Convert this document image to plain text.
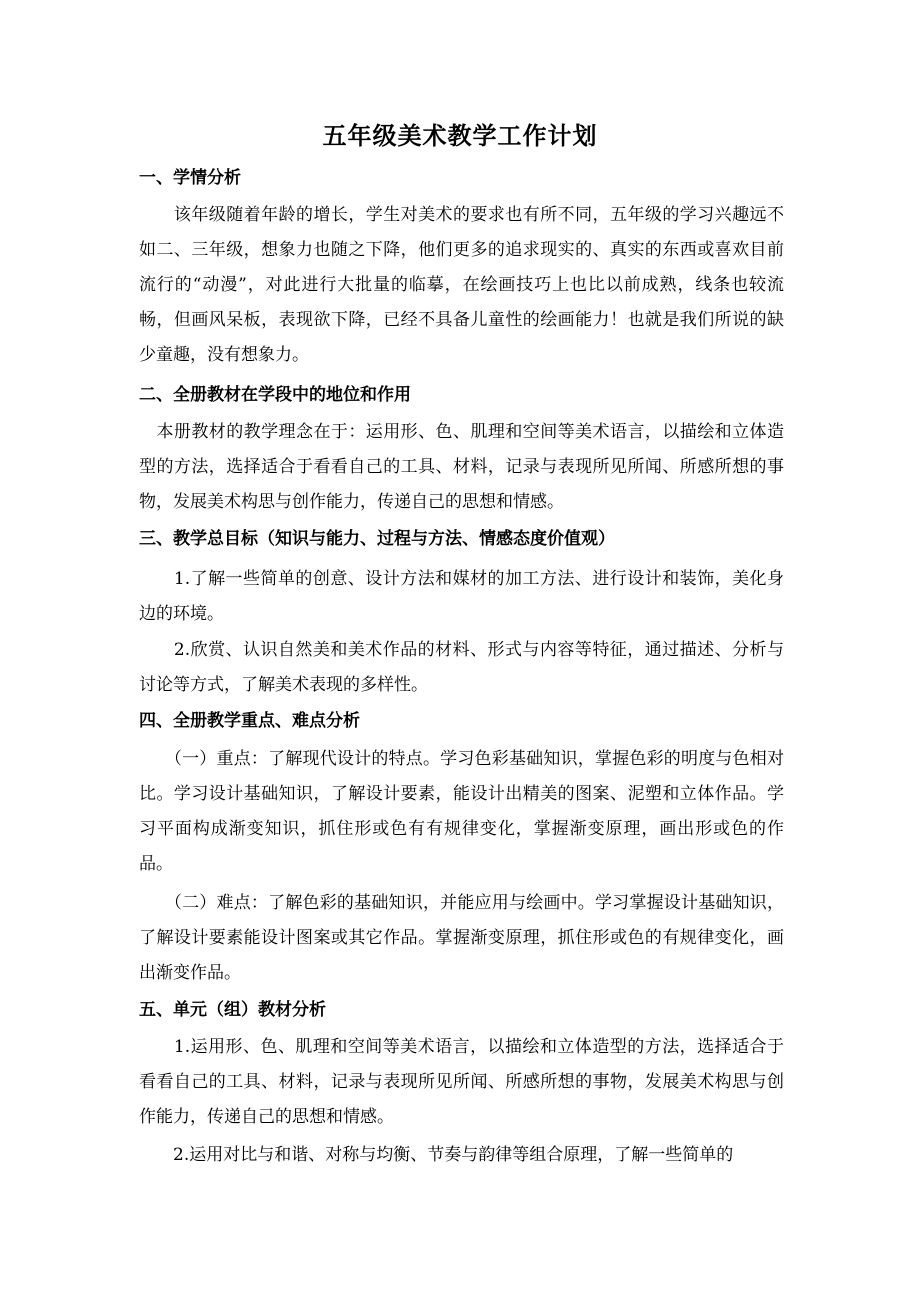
五年级美术教学工作计划
一、学情分析

　　该年级随着年龄的增长，学生对美术的要求也有所不同，五年级的学习兴趣远不如二、三年级，想象力也随之下降，他们更多的追求现实的、真实的东西或喜欢目前流行的“动漫”，对此进行大批量的临摹，在绘画技巧上也比以前成熟，线条也较流畅，但画风呆板，表现欲下降，已经不具备儿童性的绘画能力！也就是我们所说的缺少童趣，没有想象力。

二、全册教材在学段中的地位和作用

　本册教材的教学理念在于：运用形、色、肌理和空间等美术语言，以描绘和立体造型的方法，选择适合于看看自己的工具、材料，记录与表现所见所闻、所感所想的事物，发展美术构思与创作能力，传递自己的思想和情感。

三、教学总目标（知识与能力、过程与方法、情感态度价值观）

　　1.了解一些简单的创意、设计方法和媒材的加工方法、进行设计和装饰，美化身边的环境。

　　2.欣赏、认识自然美和美术作品的材料、形式与内容等特征，通过描述、分析与讨论等方式，了解美术表现的多样性。

四、全册教学重点、难点分析

　　（一）重点：了解现代设计的特点。学习色彩基础知识，掌握色彩的明度与色相对比。学习设计基础知识，了解设计要素，能设计出精美的图案、泥塑和立体作品。学习平面构成渐变知识，抓住形或色有有规律变化，掌握渐变原理，画出形或色的作品。

　　（二）难点：了解色彩的基础知识，并能应用与绘画中。学习掌握设计基础知识，了解设计要素能设计图案或其它作品。掌握渐变原理，抓住形或色的有规律变化，画出渐变作品。

五、单元（组）教材分析

　　1.运用形、色、肌理和空间等美术语言，以描绘和立体造型的方法，选择适合于看看自己的工具、材料，记录与表现所见所闻、所感所想的事物，发展美术构思与创作能力，传递自己的思想和情感。

　　2.运用对比与和谐、对称与均衡、节奏与韵律等组合原理，了解一些简单的
